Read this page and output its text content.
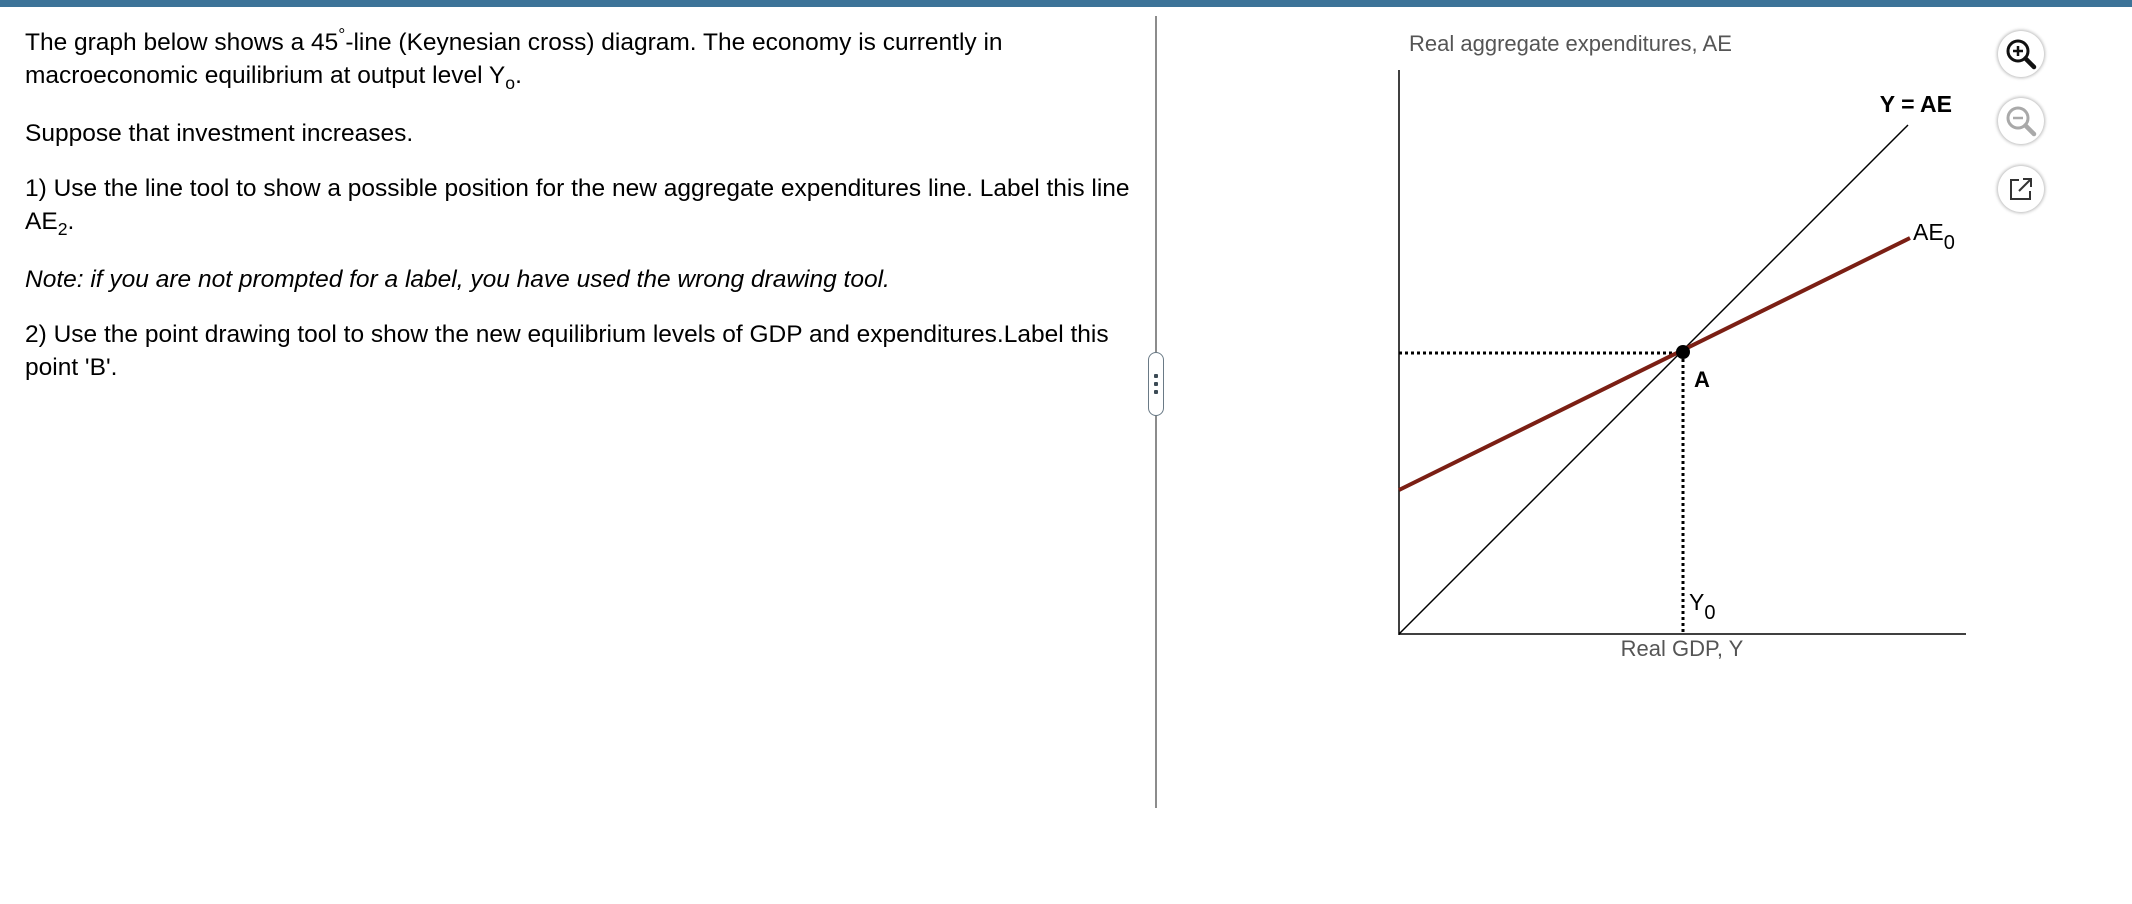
The graph below shows a 45°-line (Keynesian cross) diagram. The economy is currently in macroeconomic equilibrium at output level $Y_o$.

Suppose that investment increases.

1) Use the line tool to show a possible position for the new aggregate expenditures line. Label this line $AE_2$.

Note: if you are not prompted for a label, you have used the wrong drawing tool.

2) Use the point drawing tool to show the new equilibrium levels of GDP and expenditures.Label this point 'B'.

Real aggregate expenditures, AE
Real GDP, Y
Y = AE
AE0
A
Y0
